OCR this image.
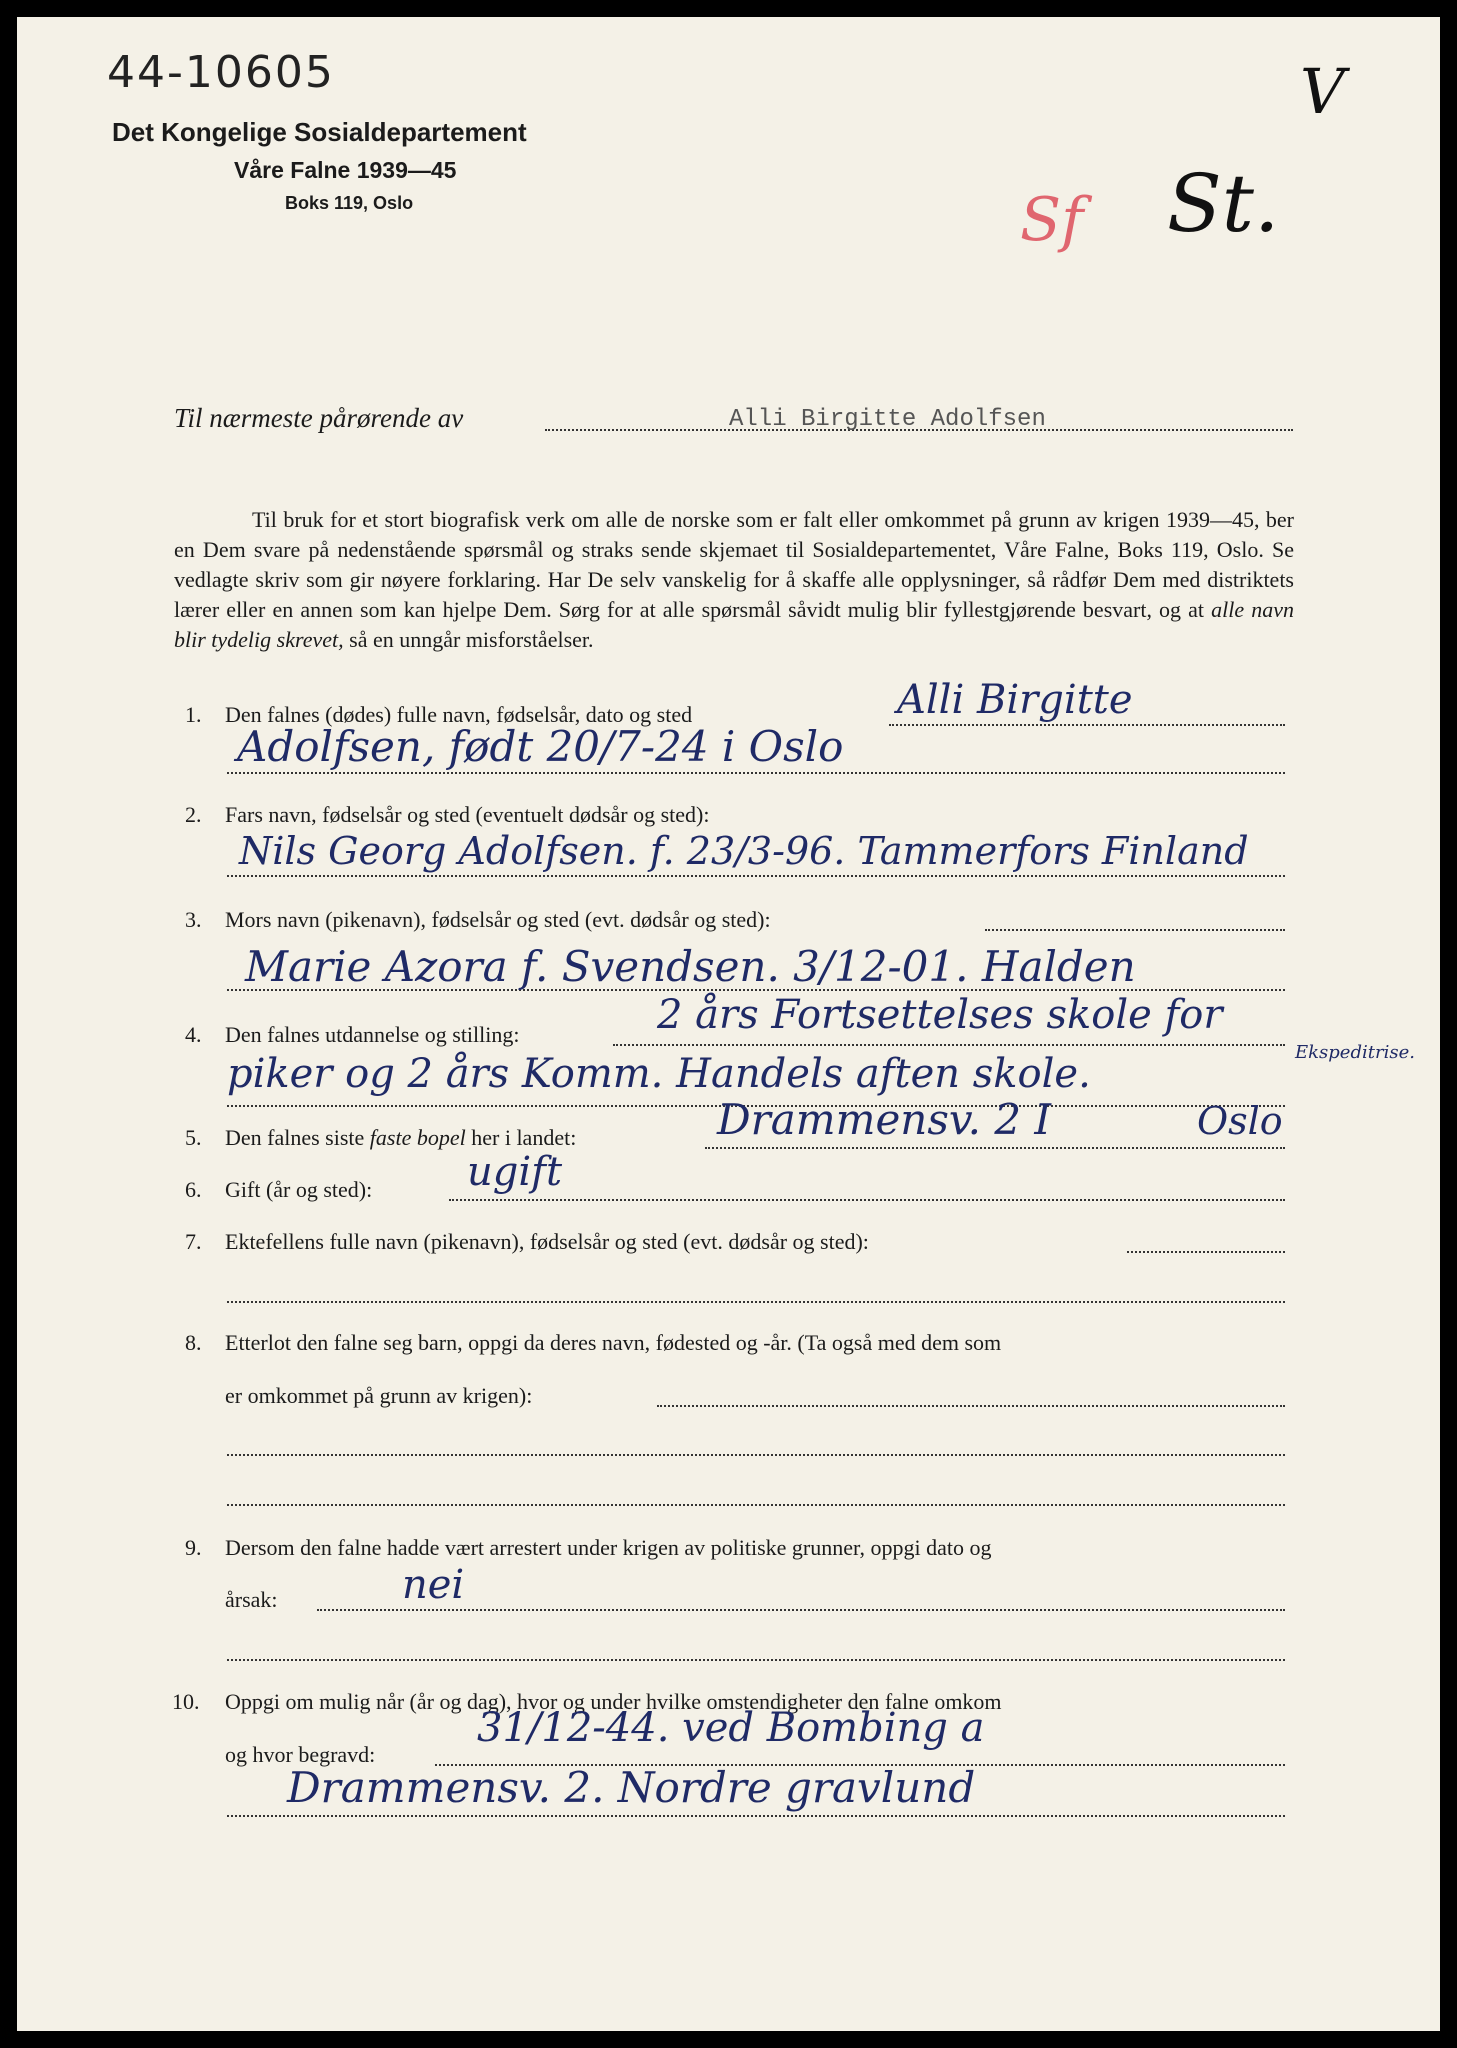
44-10605	V
Sf St.
Det Kongelige Sosialdepartement
Våre Falne 1939—45
Boks 119, Oslo
Til nærmeste pårørende av	Alli Birgitte Adolfsen

Til bruk for et stort biografisk verk om alle de norske som er falt eller omkommet på grunn av krigen 1939—45, ber en Dem svare på nedenstående spørsmål og straks sende skjemaet til Sosialdepartementet, Våre Falne, Boks 119, Oslo. Se vedlagte skriv som gir nøyere forklaring. Har De selv vanskelig for å skaffe alle opplysninger, så rådfør Dem med distriktets lærer eller en annen som kan hjelpe Dem. Sørg for at alle spørsmål såvidt mulig blir fyllestgjørende besvart, og at alle navn blir tydelig skrevet, så en unngår misforståelser.

1. Den falnes (dødes) fulle navn, fødselsår, dato og sted	Alli Birgitte
Adolfsen, født 20/7-24 i Oslo
2. Fars navn, fødselsår og sted (eventuelt dødsår og sted):
Nils Georg Adolfsen. f. 23/3-96. Tammerfors Finland
3. Mors navn (pikenavn), fødselsår og sted (evt. dødsår og sted):
Marie Azora f. Svendsen. 3/12-01. Halden
4. Den falnes utdannelse og stilling:	2 års Fortsettelses skole for
piker og 2 års Komm. Handels aften skole.	Ekspeditrise.
5. Den falnes siste faste bopel her i landet:	Drammensv. 2 I	Oslo
6. Gift (år og sted): ugift
7. Ektefellens fulle navn (pikenavn), fødselsår og sted (evt. dødsår og sted):
8. Etterlot den falne seg barn, oppgi da deres navn, fødested og -år. (Ta også med dem som
er omkommet på grunn av krigen):
9. Dersom den falne hadde vært arrestert under krigen av politiske grunner, oppgi dato og
årsak:	nei
10. Oppgi om mulig når (år og dag), hvor og under hvilke omstendigheter den falne omkom
og hvor begravd:
31/12-44. ved Bombing a
Drammensv. 2. Nordre gravlund
